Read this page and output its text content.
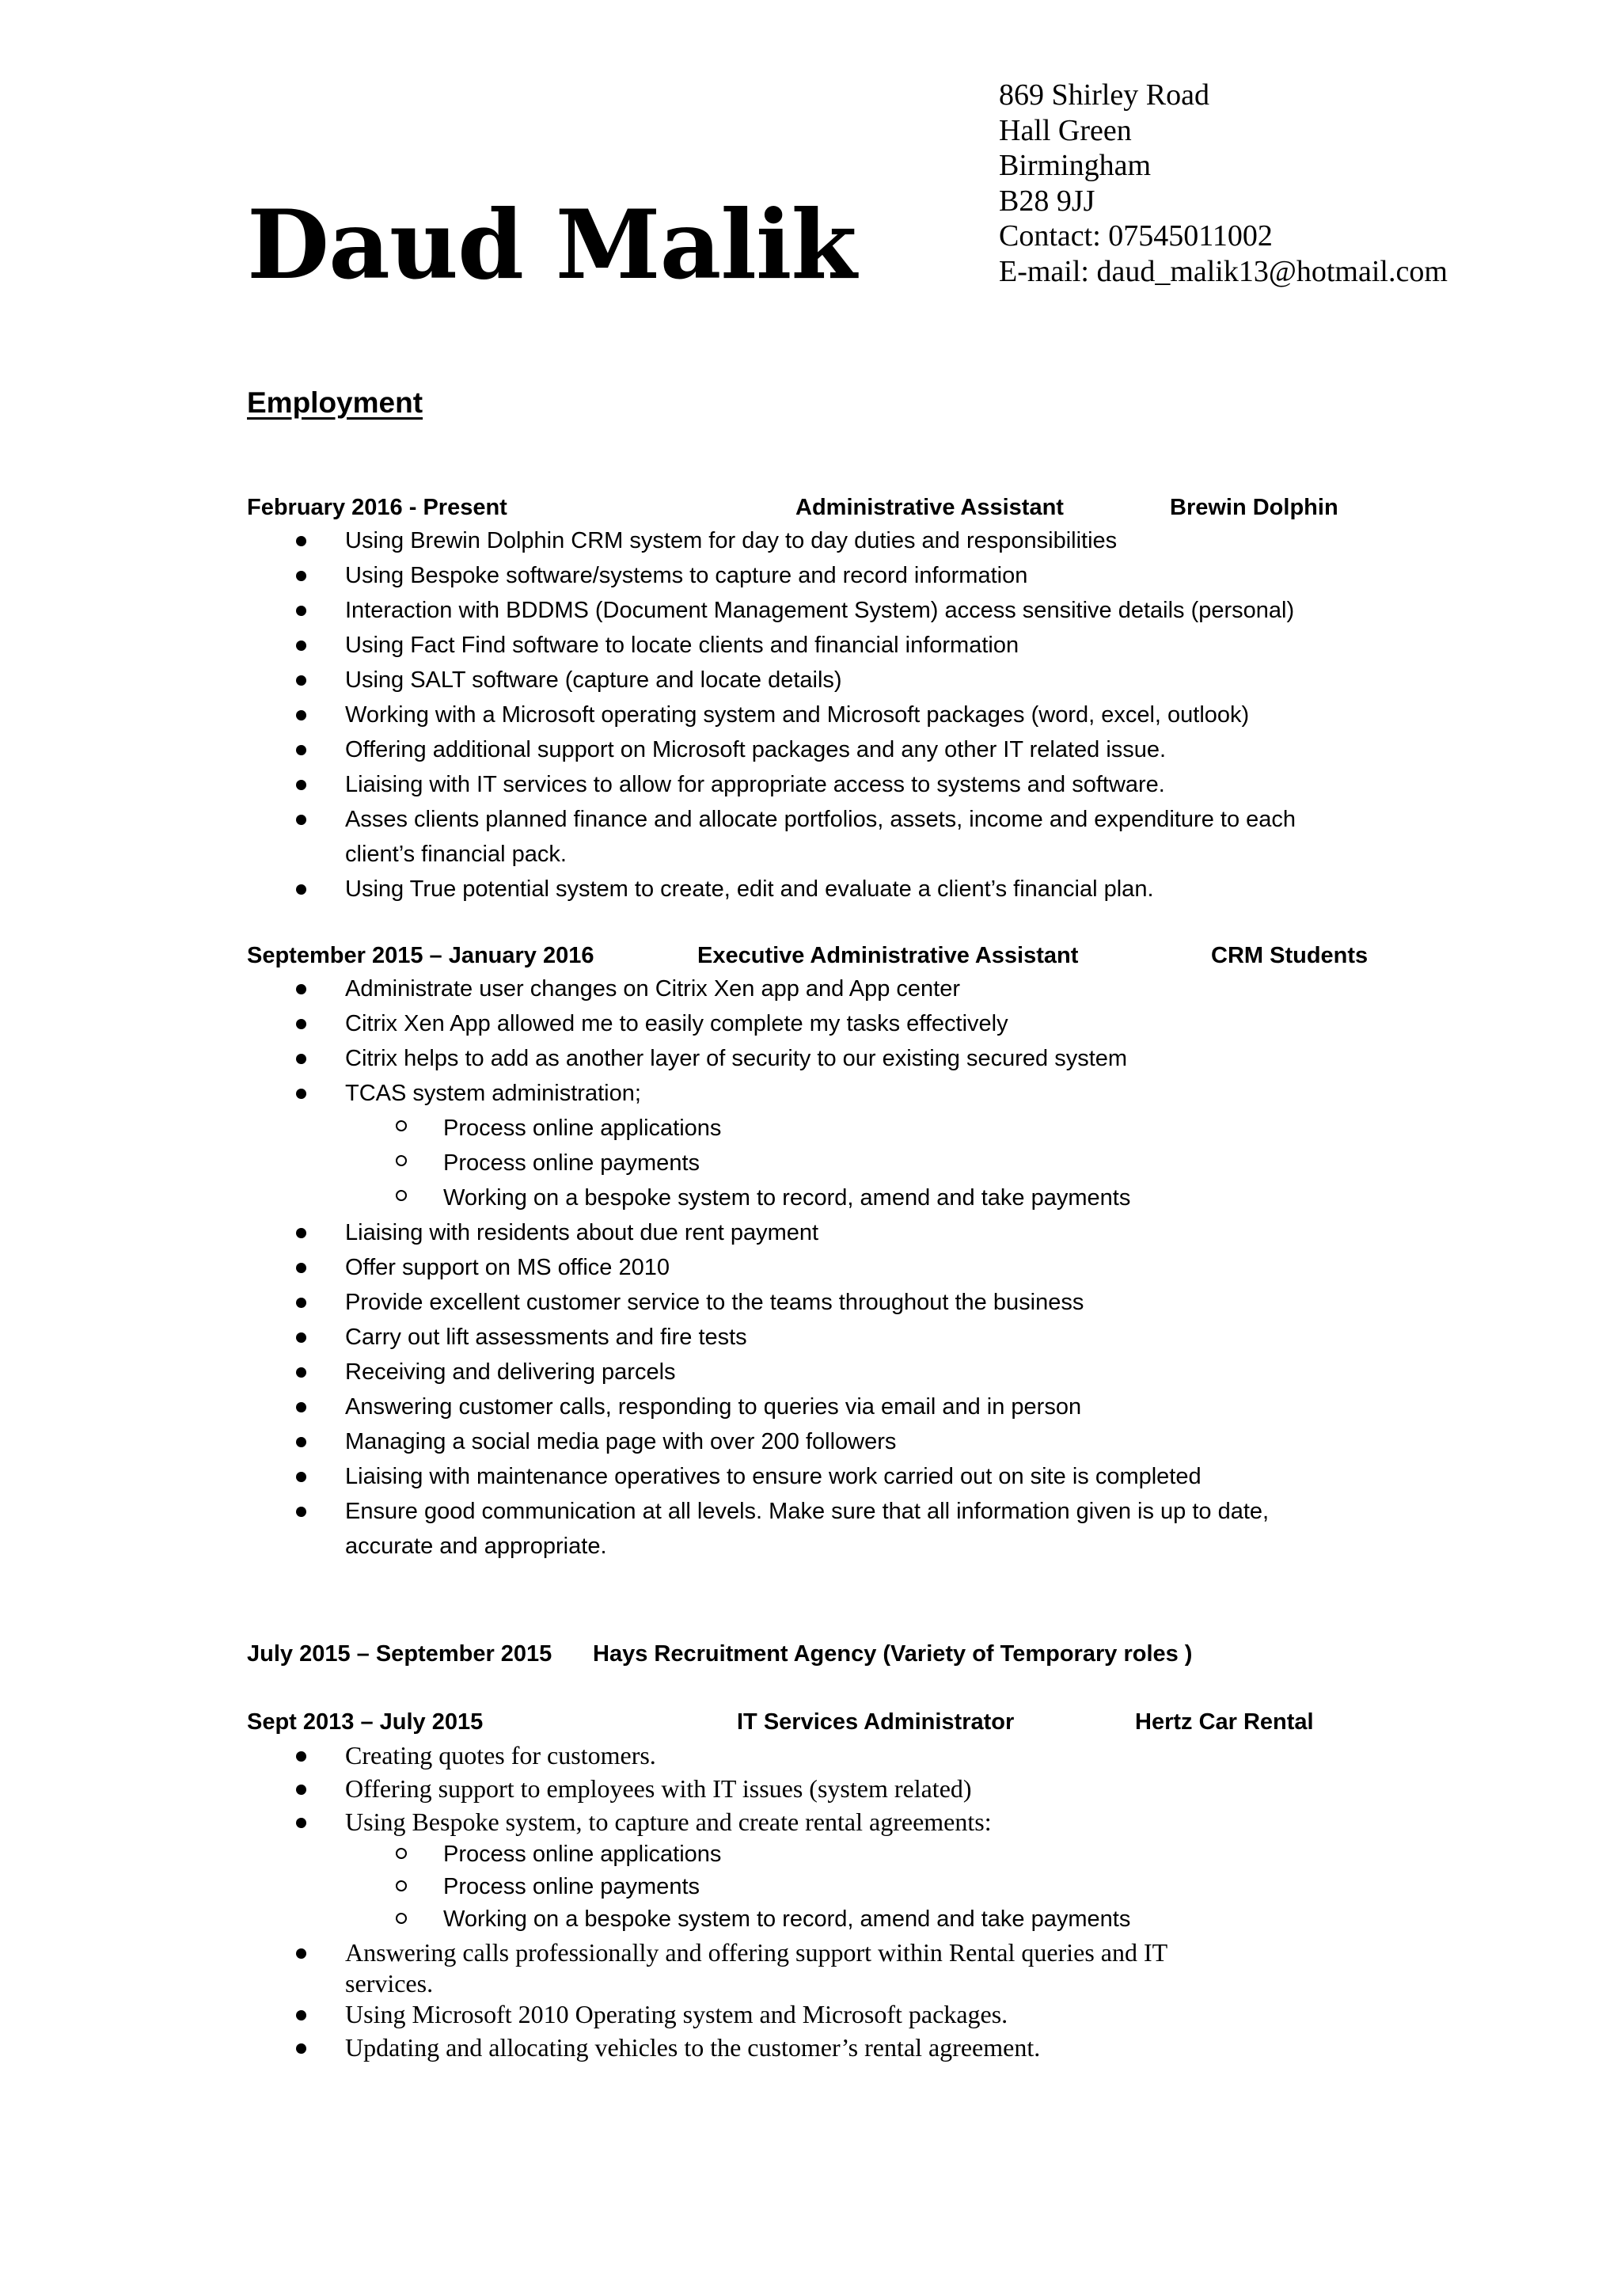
Daud Malik
869 Shirley Road
Hall Green
Birmingham
B28 9JJ
Contact: 07545011002
E-mail: daud_malik13@hotmail.com
Employment
February 2016 - Present	Administrative Assistant	Brewin Dolphin
Using Brewin Dolphin CRM system for day to day duties and responsibilities
Using Bespoke software/systems to capture and record information
Interaction with BDDMS (Document Management System) access sensitive details (personal)
Using Fact Find software to locate clients and financial information
Using SALT software (capture and locate details)
Working with a Microsoft operating system and Microsoft packages (word, excel, outlook)
Offering additional support on Microsoft packages and any other IT related issue.
Liaising with IT services to allow for appropriate access to systems and software.
Asses clients planned finance and allocate portfolios, assets, income and expenditure to each
client’s financial pack.
Using True potential system to create, edit and evaluate a client’s financial plan.
September 2015 – January 2016	Executive Administrative Assistant	CRM Students
Administrate user changes on Citrix Xen app and App center
Citrix Xen App allowed me to easily complete my tasks effectively
Citrix helps to add as another layer of security to our existing secured system
TCAS system administration;
Process online applications
Process online payments
Working on a bespoke system to record, amend and take payments
Liaising with residents about due rent payment
Offer support on MS office 2010
Provide excellent customer service to the teams throughout the business
Carry out lift assessments and fire tests
Receiving and delivering parcels
Answering customer calls, responding to queries via email and in person
Managing a social media page with over 200 followers
Liaising with maintenance operatives to ensure work carried out on site is completed
Ensure good communication at all levels. Make sure that all information given is up to date,
accurate and appropriate.
July 2015 – September 2015 Hays Recruitment Agency (Variety of Temporary roles )
Sept 2013 – July 2015	IT Services Administrator	Hertz Car Rental
Creating quotes for customers.
Offering support to employees with IT issues (system related)
Using Bespoke system, to capture and create rental agreements:
Process online applications
Process online payments
Working on a bespoke system to record, amend and take payments
Answering calls professionally and offering support within Rental queries and IT
services.
Using Microsoft 2010 Operating system and Microsoft packages.
Updating and allocating vehicles to the customer’s rental agreement.
